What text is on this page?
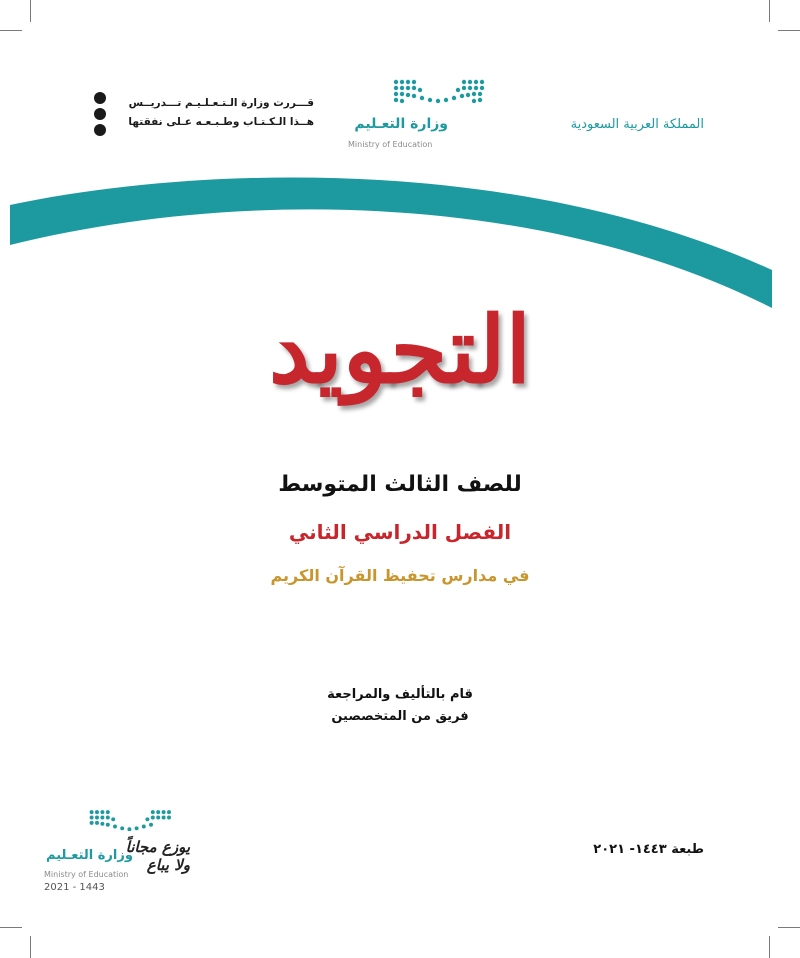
المملكة العربية السعودية
وزارة التعـليم
Ministry of Education
قـــررت وزارة الـتـعـلـيـم تـــدريــس
هــذا الـكـتـاب وطـبـعـه عـلى نفقتها
التجويد
للصف الثالث المتوسط
الفصل الدراسي الثاني
في مدارس تحفيظ القرآن الكريم
قام بالتأليف والمراجعة
فريق من المتخصصين
طبعة ١٤٤٣- ٢٠٢١
وزارة التعـليم
يوزع مجاناً ولا يباع
Ministry of Education
2021 - 1443
